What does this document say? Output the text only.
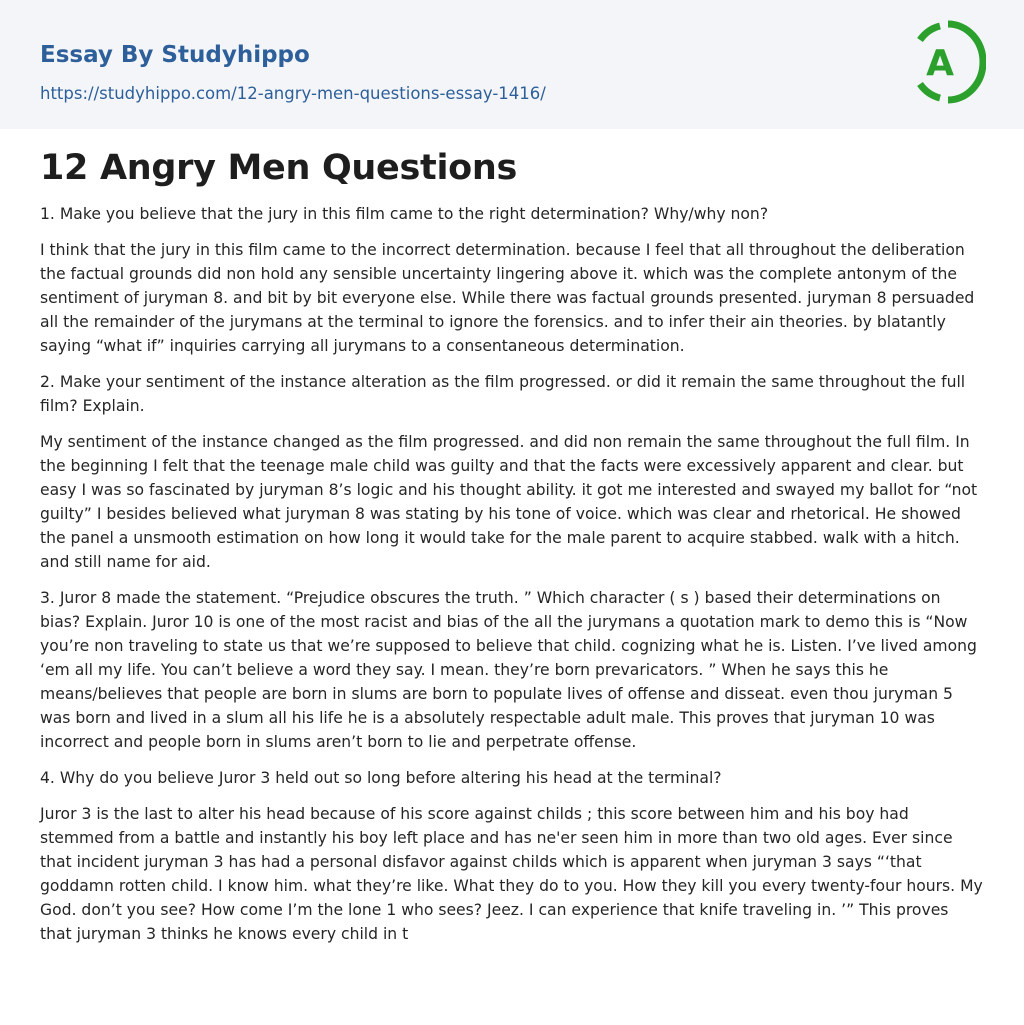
Essay By Studyhippo
https://studyhippo.com/12-angry-men-questions-essay-1416/
A
12 Angry Men Questions

1. Make you believe that the jury in this film came to the right determination? Why/why non?

I think that the jury in this film came to the incorrect determination. because I feel that all throughout the deliberation the factual grounds did non hold any sensible uncertainty lingering above it. which was the complete antonym of the sentiment of juryman 8. and bit by bit everyone else. While there was factual grounds presented. juryman 8 persuaded all the remainder of the jurymans at the terminal to ignore the forensics. and to infer their ain theories. by blatantly saying “what if” inquiries carrying all jurymans to a consentaneous determination.

2. Make your sentiment of the instance alteration as the film progressed. or did it remain the same throughout the full film? Explain.

My sentiment of the instance changed as the film progressed. and did non remain the same throughout the full film. In the beginning I felt that the teenage male child was guilty and that the facts were excessively apparent and clear. but easy I was so fascinated by juryman 8’s logic and his thought ability. it got me interested and swayed my ballot for “not guilty” I besides believed what juryman 8 was stating by his tone of voice. which was clear and rhetorical. He showed the panel a unsmooth estimation on how long it would take for the male parent to acquire stabbed. walk with a hitch. and still name for aid.

3. Juror 8 made the statement. “Prejudice obscures the truth. ” Which character ( s ) based their determinations on bias? Explain. Juror 10 is one of the most racist and bias of the all the jurymans a quotation mark to demo this is “Now you’re non traveling to state us that we’re supposed to believe that child. cognizing what he is. Listen. I’ve lived among ‘em all my life. You can’t believe a word they say. I mean. they’re born prevaricators. ” When he says this he means/believes that people are born in slums are born to populate lives of offense and disseat. even thou juryman 5 was born and lived in a slum all his life he is a absolutely respectable adult male. This proves that juryman 10 was incorrect and people born in slums aren’t born to lie and perpetrate offense.

4. Why do you believe Juror 3 held out so long before altering his head at the terminal?

Juror 3 is the last to alter his head because of his score against childs ; this score between him and his boy had stemmed from a battle and instantly his boy left place and has ne'er seen him in more than two old ages. Ever since that incident juryman 3 has had a personal disfavor against childs which is apparent when juryman 3 says “‘that goddamn rotten child. I know him. what they’re like. What they do to you. How they kill you every twenty-four hours. My God. don’t you see? How come I’m the lone 1 who sees? Jeez. I can experience that knife traveling in. ’” This proves that juryman 3 thinks he knows every child in t
